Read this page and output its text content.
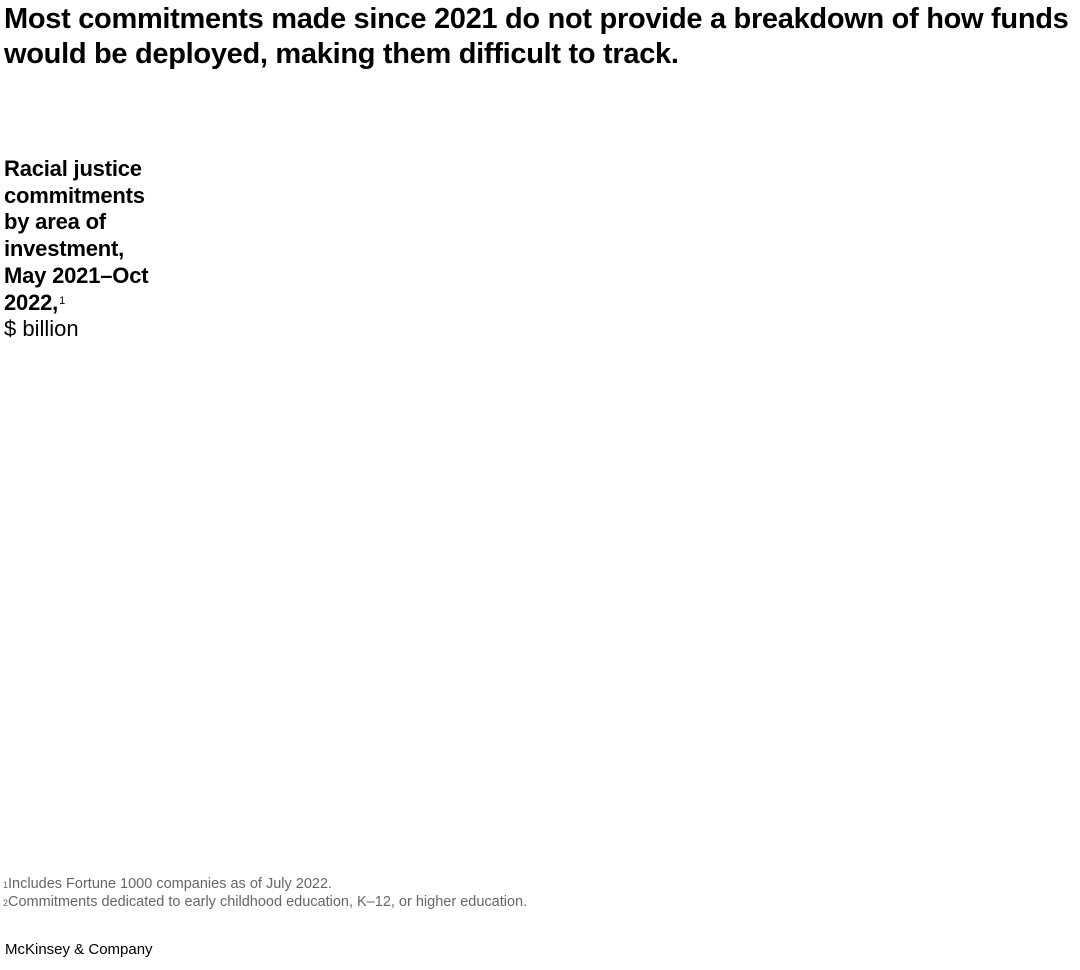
Most commitments made since 2021 do not provide a breakdown of how funds would be deployed, making them difficult to track.

Racial justice commitments by area of investment, May 2021–Oct 2022,$^1$

$ billion

$^1$Includes Fortune 1000 companies as of July 2022.

$^2$Commitments dedicated to early childhood education, K–12, or higher education.

McKinsey & Company
